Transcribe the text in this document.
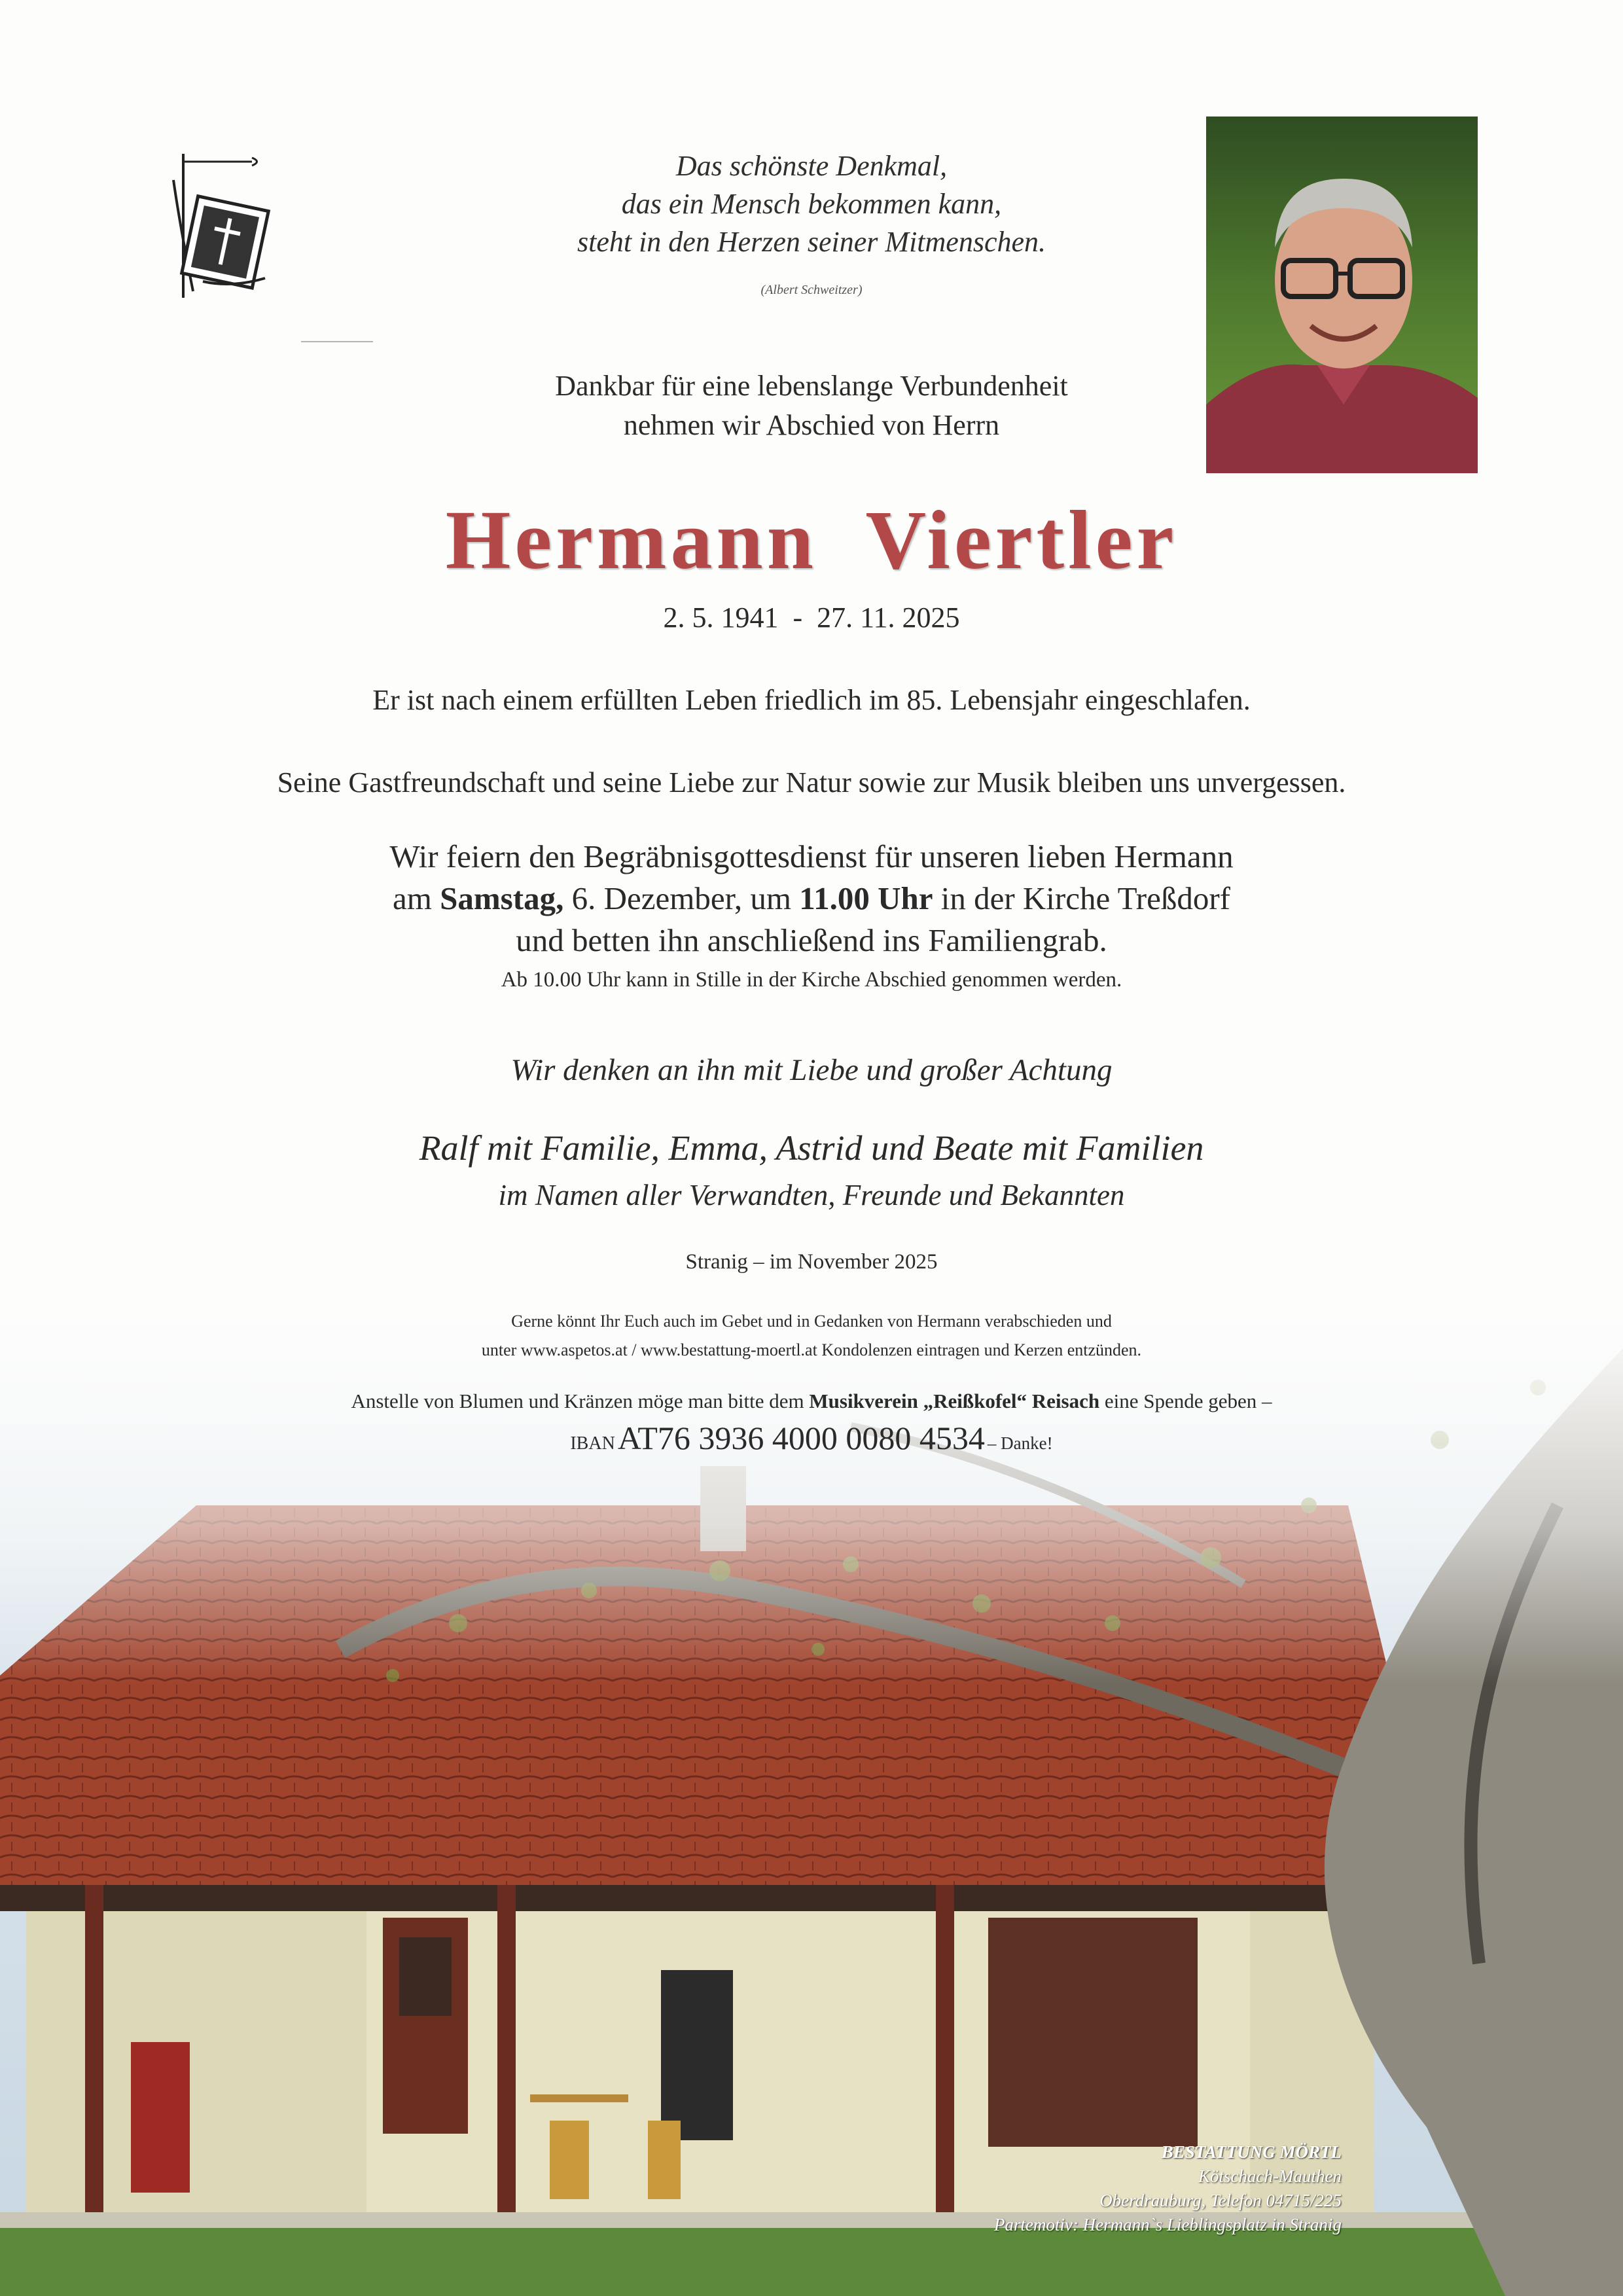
Das schönste Denkmal,
das ein Mensch bekommen kann,
steht in den Herzen seiner Mitmenschen.
(Albert Schweitzer)
Dankbar für eine lebenslange Verbundenheit
nehmen wir Abschied von Herrn
Hermann  Viertler
2. 5. 1941  -  27. 11. 2025
Er ist nach einem erfüllten Leben friedlich im 85. Lebensjahr eingeschlafen.
Seine Gastfreundschaft und seine Liebe zur Natur sowie zur Musik bleiben uns unvergessen.
Wir feiern den Begräbnisgottesdienst für unseren lieben Hermann
am Samstag, 6. Dezember, um 11.00 Uhr in der Kirche Treßdorf
und betten ihn anschließend ins Familiengrab.
Ab 10.00 Uhr kann in Stille in der Kirche Abschied genommen werden.
Wir denken an ihn mit Liebe und großer Achtung
Ralf mit Familie, Emma, Astrid und Beate mit Familien
im Namen aller Verwandten, Freunde und Bekannten
Stranig – im November 2025
Gerne könnt Ihr Euch auch im Gebet und in Gedanken von Hermann verabschieden und
unter www.aspetos.at / www.bestattung-moertl.at Kondolenzen eintragen und Kerzen entzünden.
Anstelle von Blumen und Kränzen möge man bitte dem Musikverein „Reißkofel“ Reisach eine Spende geben –
IBAN AT76 3936 4000 0080 4534 – Danke!
BESTATTUNG MÖRTL
Kötschach-Mauthen
Oberdrauburg, Telefon 04715/225
Partemotiv: Hermann`s Lieblingsplatz in Stranig
